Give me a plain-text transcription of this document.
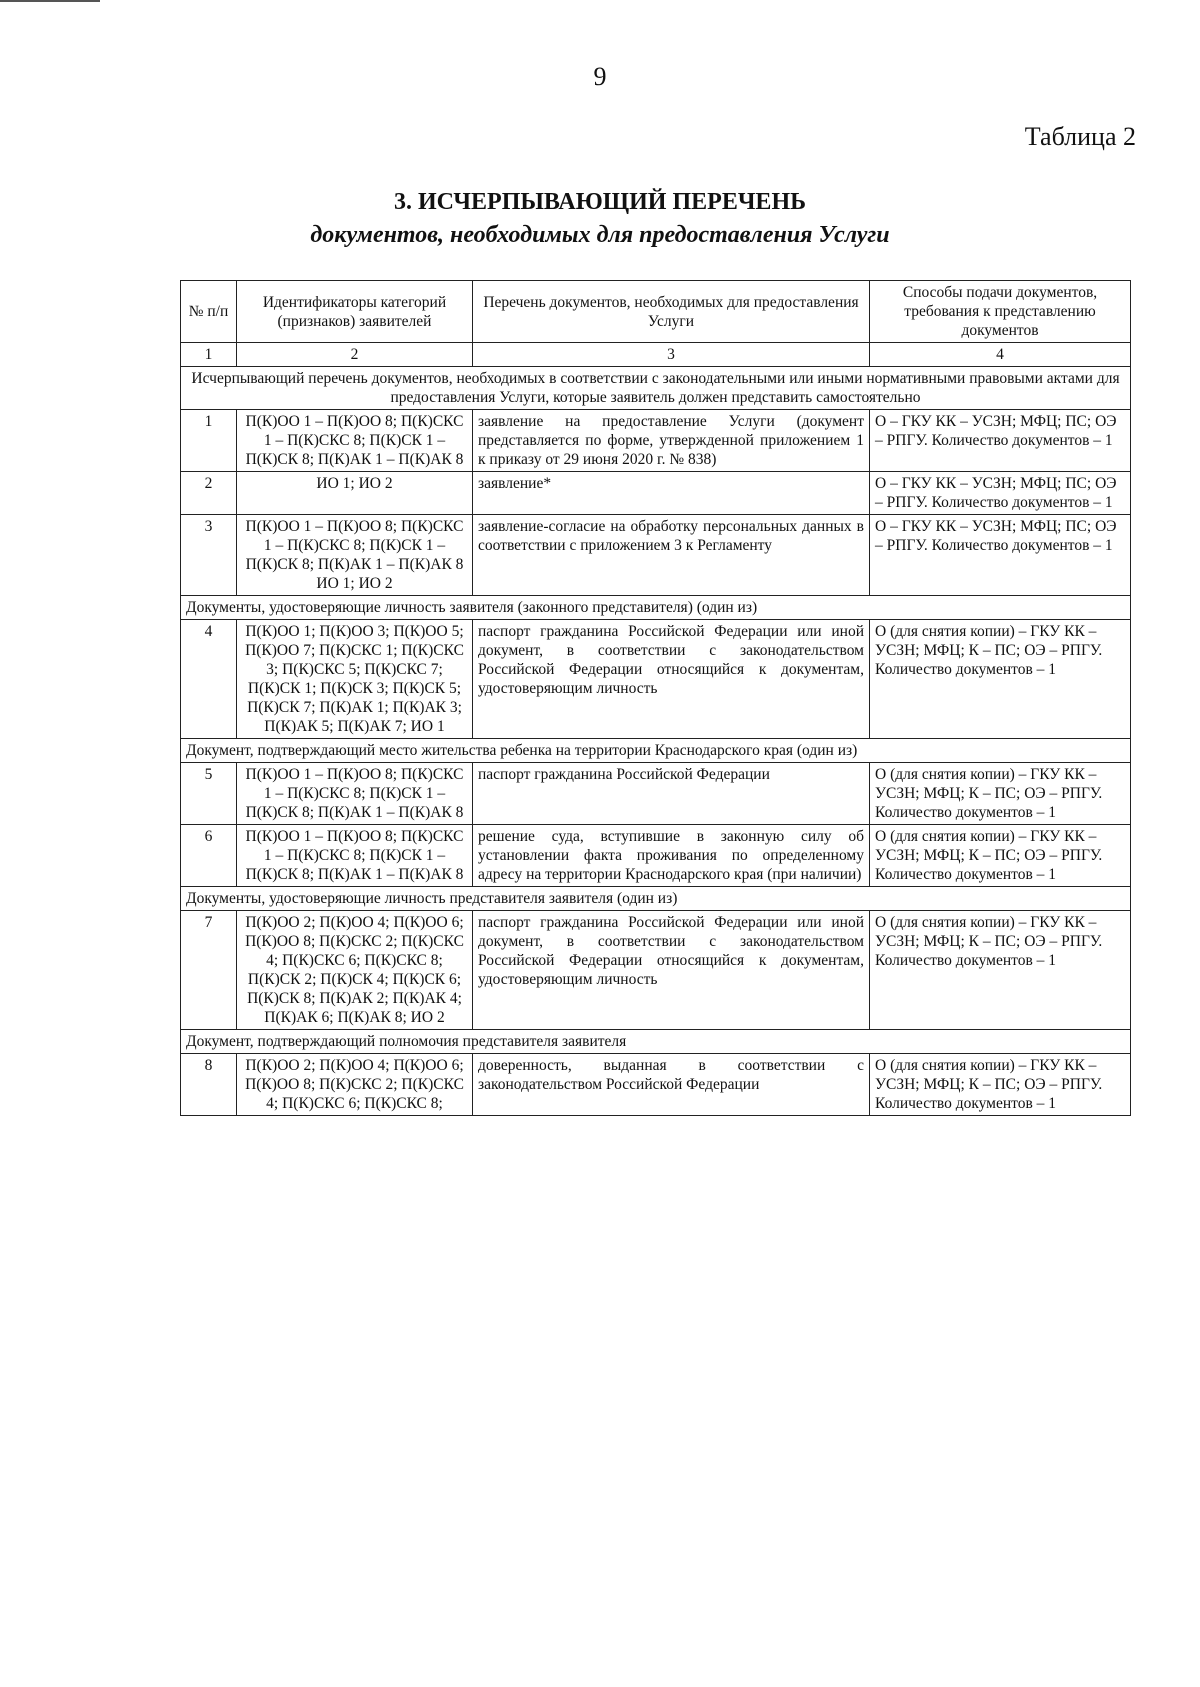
9
Таблица 2
3. ИСЧЕРПЫВАЮЩИЙ ПЕРЕЧЕНЬ
документов, необходимых для предоставления Услуги
№ п/п	Идентификаторы категорий (признаков) заявителей	Перечень документов, необходимых для предоставления Услуги	Способы подачи документов, требования к представлению документов
1	2	3	4
Исчерпывающий перечень документов, необходимых в соответствии с законодательными или иными нормативными правовыми актами для предоставления Услуги, которые заявитель должен представить самостоятельно			
1	П(К)ОО 1 – П(К)ОО 8; П(К)СКС 1 – П(К)СКС 8; П(К)СК 1 – П(К)СК 8; П(К)АК 1 – П(К)АК 8	заявление на предоставление Услуги (документ представляется по форме, утвержденной приложением 1 к приказу от 29 июня 2020 г. № 838)	О – ГКУ КК – УСЗН; МФЦ; ПС; ОЭ – РПГУ. Количество документов – 1
2	ИО 1; ИО 2	заявление*	О – ГКУ КК – УСЗН; МФЦ; ПС; ОЭ – РПГУ. Количество документов – 1
3	П(К)ОО 1 – П(К)ОО 8; П(К)СКС 1 – П(К)СКС 8; П(К)СК 1 – П(К)СК 8; П(К)АК 1 – П(К)АК 8 ИО 1; ИО 2	заявление-согласие на обработку персональных данных в соответствии с приложением 3 к Регламенту	О – ГКУ КК – УСЗН; МФЦ; ПС; ОЭ – РПГУ. Количество документов – 1
Документы, удостоверяющие личность заявителя (законного представителя) (один из)			
4	П(К)ОО 1; П(К)ОО 3; П(К)ОО 5; П(К)ОО 7; П(К)СКС 1; П(К)СКС 3; П(К)СКС 5; П(К)СКС 7; П(К)СК 1; П(К)СК 3; П(К)СК 5; П(К)СК 7; П(К)АК 1; П(К)АК 3; П(К)АК 5; П(К)АК 7; ИО 1	паспорт гражданина Российской Федерации или иной документ, в соответствии с законодательством Российской Федерации относящийся к документам, удостоверяющим личность	О (для снятия копии) – ГКУ КК – УСЗН; МФЦ; К – ПС; ОЭ – РПГУ. Количество документов – 1
Документ, подтверждающий место жительства ребенка на территории Краснодарского края (один из)			
5	П(К)ОО 1 – П(К)ОО 8; П(К)СКС 1 – П(К)СКС 8; П(К)СК 1 – П(К)СК 8; П(К)АК 1 – П(К)АК 8	паспорт гражданина Российской Федерации	О (для снятия копии) – ГКУ КК – УСЗН; МФЦ; К – ПС; ОЭ – РПГУ. Количество документов – 1
6	П(К)ОО 1 – П(К)ОО 8; П(К)СКС 1 – П(К)СКС 8; П(К)СК 1 – П(К)СК 8; П(К)АК 1 – П(К)АК 8	решение суда, вступившие в законную силу об установлении факта проживания по определенному адресу на территории Краснодарского края (при наличии)	О (для снятия копии) – ГКУ КК – УСЗН; МФЦ; К – ПС; ОЭ – РПГУ. Количество документов – 1
Документы, удостоверяющие личность представителя заявителя (один из)			
7	П(К)ОО 2; П(К)ОО 4; П(К)ОО 6; П(К)ОО 8; П(К)СКС 2; П(К)СКС 4; П(К)СКС 6; П(К)СКС 8; П(К)СК 2; П(К)СК 4; П(К)СК 6; П(К)СК 8; П(К)АК 2; П(К)АК 4; П(К)АК 6; П(К)АК 8; ИО 2	паспорт гражданина Российской Федерации или иной документ, в соответствии с законодательством Российской Федерации относящийся к документам, удостоверяющим личность	О (для снятия копии) – ГКУ КК – УСЗН; МФЦ; К – ПС; ОЭ – РПГУ. Количество документов – 1
Документ, подтверждающий полномочия представителя заявителя			
8	П(К)ОО 2; П(К)ОО 4; П(К)ОО 6; П(К)ОО 8; П(К)СКС 2; П(К)СКС 4; П(К)СКС 6; П(К)СКС 8;	доверенность, выданная в соответствии с законодательством Российской Федерации	О (для снятия копии) – ГКУ КК – УСЗН; МФЦ; К – ПС; ОЭ – РПГУ. Количество документов – 1
